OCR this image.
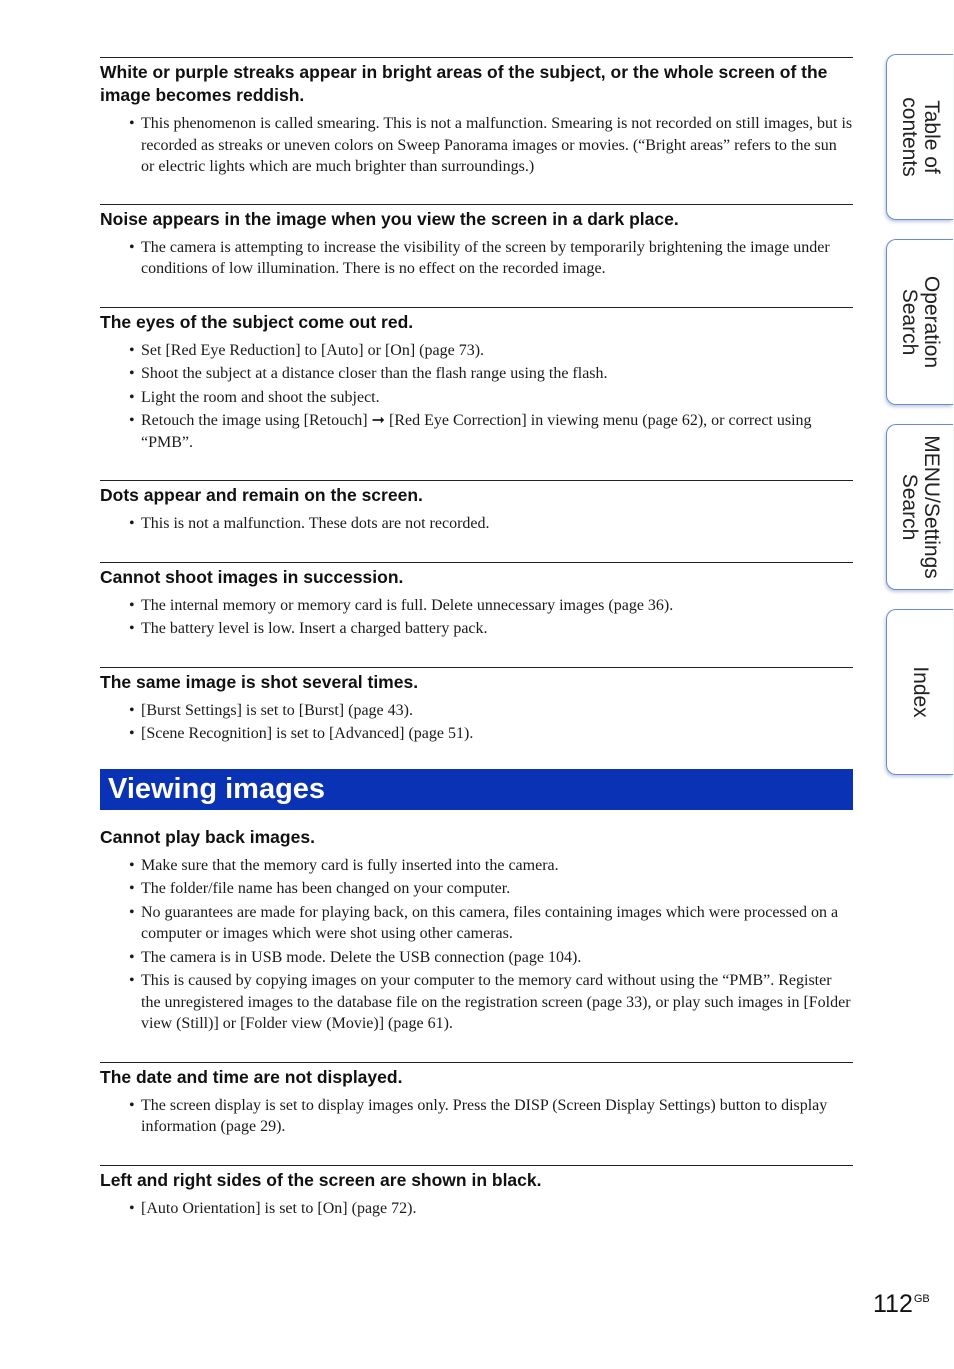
White or purple streaks appear in bright areas of the subject, or the whole screen of the image becomes reddish.
• This phenomenon is called smearing. This is not a malfunction. Smearing is not recorded on still images, but is recorded as streaks or uneven colors on Sweep Panorama images or movies. (“Bright areas” refers to the sun or electric lights which are much brighter than surroundings.)
Noise appears in the image when you view the screen in a dark place.
• The camera is attempting to increase the visibility of the screen by temporarily brightening the image under conditions of low illumination. There is no effect on the recorded image.
The eyes of the subject come out red.
• Set [Red Eye Reduction] to [Auto] or [On] (page 73).
• Shoot the subject at a distance closer than the flash range using the flash.
• Light the room and shoot the subject.
• Retouch the image using [Retouch] ➞ [Red Eye Correction] in viewing menu (page 62), or correct using “PMB”.
Dots appear and remain on the screen.
• This is not a malfunction. These dots are not recorded.
Cannot shoot images in succession.
• The internal memory or memory card is full. Delete unnecessary images (page 36).
• The battery level is low. Insert a charged battery pack.
The same image is shot several times.
• [Burst Settings] is set to [Burst] (page 43).
• [Scene Recognition] is set to [Advanced] (page 51).
Viewing images
Cannot play back images.
• Make sure that the memory card is fully inserted into the camera.
• The folder/file name has been changed on your computer.
• No guarantees are made for playing back, on this camera, files containing images which were processed on a computer or images which were shot using other cameras.
• The camera is in USB mode. Delete the USB connection (page 104).
• This is caused by copying images on your computer to the memory card without using the “PMB”. Register the unregistered images to the database file on the registration screen (page 33), or play such images in [Folder view (Still)] or [Folder view (Movie)] (page 61).
The date and time are not displayed.
• The screen display is set to display images only. Press the DISP (Screen Display Settings) button to display information (page 29).
Left and right sides of the screen are shown in black.
• [Auto Orientation] is set to [On] (page 72).
Table of
contents
Operation
Search
MENU/Settings
Search
Index
$112^{GB}$
